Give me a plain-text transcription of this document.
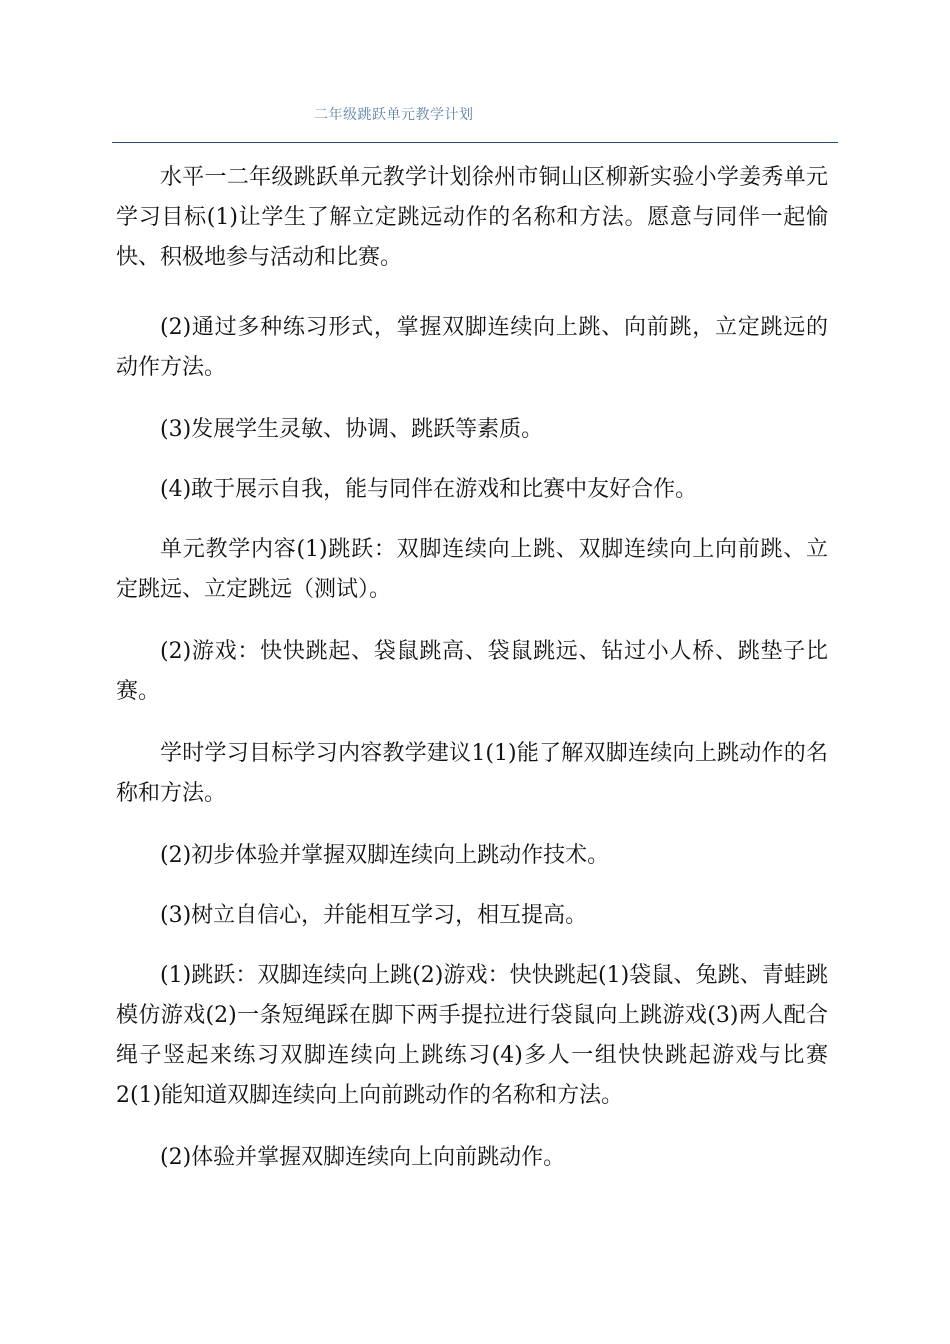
二年级跳跃单元教学计划

水平一二年级跳跃单元教学计划徐州市铜山区柳新实验小学姜秀单元学习目标(1)让学生了解立定跳远动作的名称和方法。愿意与同伴一起愉快、积极地参与活动和比赛。

(2)通过多种练习形式，掌握双脚连续向上跳、向前跳，立定跳远的动作方法。

(3)发展学生灵敏、协调、跳跃等素质。

(4)敢于展示自我，能与同伴在游戏和比赛中友好合作。

单元教学内容(1)跳跃：双脚连续向上跳、双脚连续向上向前跳、立定跳远、立定跳远（测试）。

(2)游戏：快快跳起、袋鼠跳高、袋鼠跳远、钻过小人桥、跳垫子比赛。

学时学习目标学习内容教学建议1(1)能了解双脚连续向上跳动作的名称和方法。

(2)初步体验并掌握双脚连续向上跳动作技术。

(3)树立自信心，并能相互学习，相互提高。

(1)跳跃：双脚连续向上跳(2)游戏：快快跳起(1)袋鼠、兔跳、青蛙跳模仿游戏(2)一条短绳踩在脚下两手提拉进行袋鼠向上跳游戏(3)两人配合绳子竖起来练习双脚连续向上跳练习(4)多人一组快快跳起游戏与比赛2(1)能知道双脚连续向上向前跳动作的名称和方法。

(2)体验并掌握双脚连续向上向前跳动作。
